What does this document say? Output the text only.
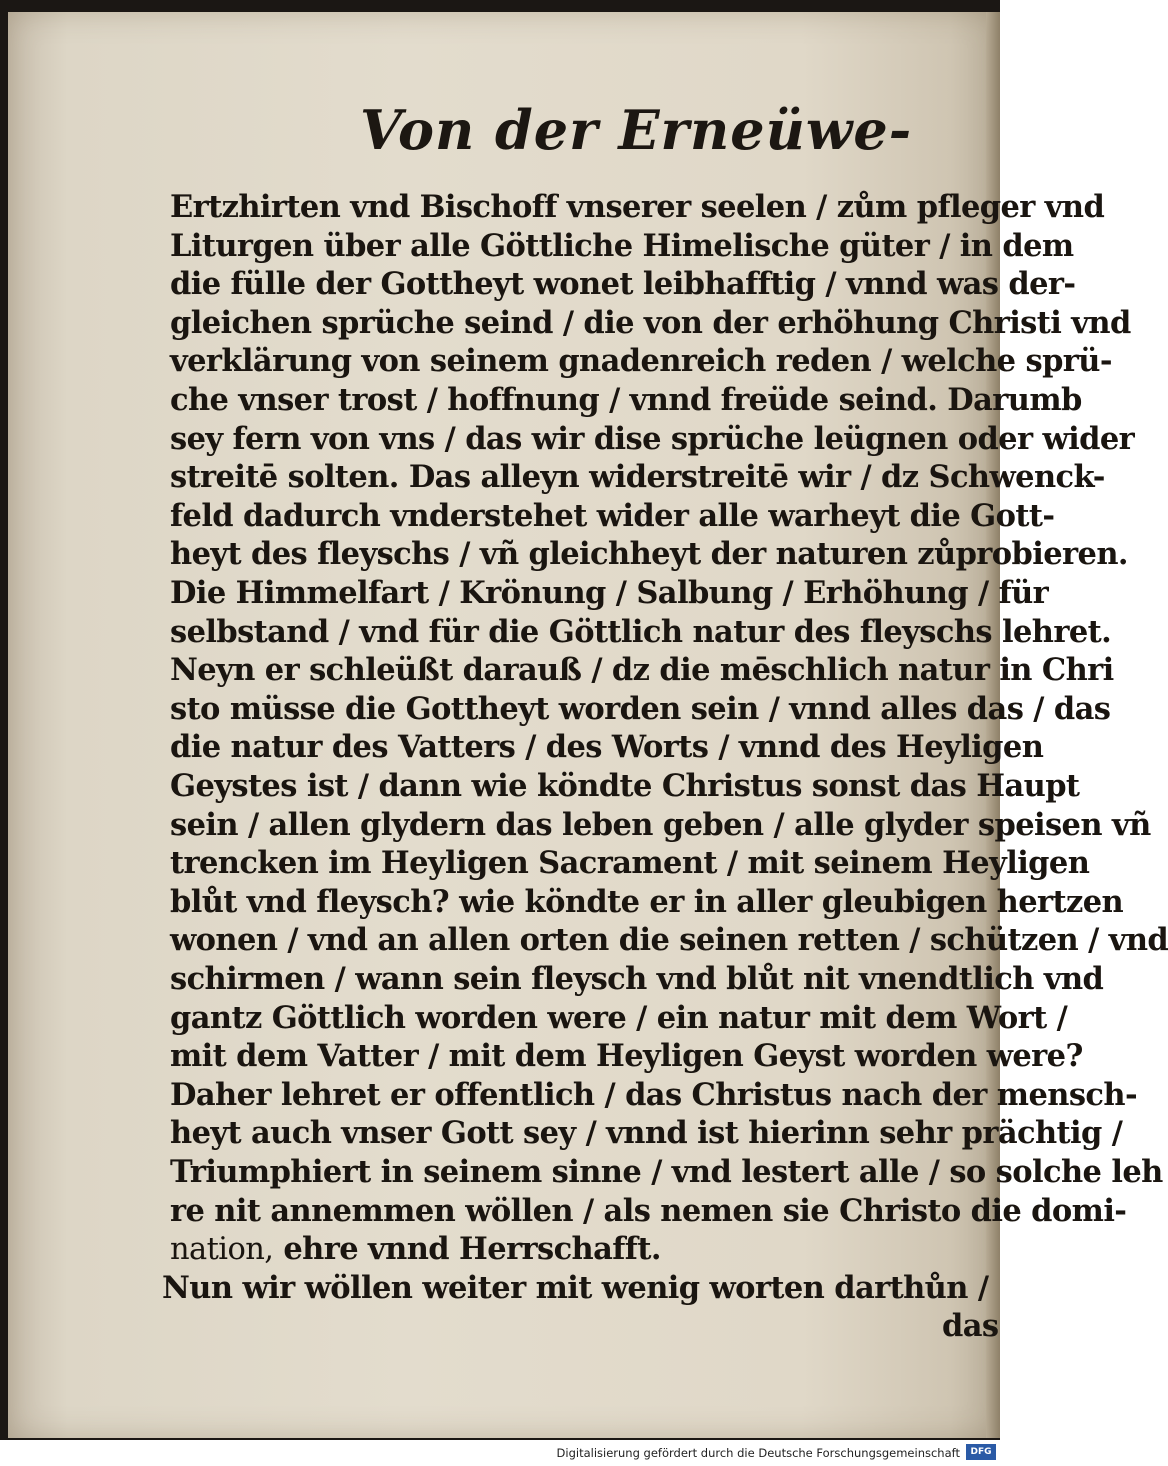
Von der Erneüwe-
Ertzhirten vnd Bischoff vnserer seelen / zům pfleger vnd
Liturgen über alle Göttliche Himelische güter / in dem
die fülle der Gottheyt wonet leibhafftig / vnnd was der-
gleichen sprüche seind / die von der erhöhung Christi vnd
verklärung von seinem gnadenreich reden / welche sprü-
che vnser trost / hoffnung / vnnd freüde seind. Darumb
sey fern von vns / das wir dise sprüche leügnen oder wider
streitē solten. Das alleyn widerstreitē wir / dz Schwenck-
feld dadurch vnderstehet wider alle warheyt die Gott-
heyt des fleyschs / vñ gleichheyt der naturen zůprobieren.
Die Himmelfart / Krönung / Salbung / Erhöhung / für
selbstand / vnd für die Göttlich natur des fleyschs lehret.
Neyn er schleüßt darauß / dz die mēschlich natur in Chri
sto müsse die Gottheyt worden sein / vnnd alles das / das
die natur des Vatters / des Worts / vnnd des Heyligen
Geystes ist / dann wie köndte Christus sonst das Haupt
sein / allen glydern das leben geben / alle glyder speisen vñ
trencken im Heyligen Sacrament / mit seinem Heyligen
blůt vnd fleysch? wie köndte er in aller gleubigen hertzen
wonen / vnd an allen orten die seinen retten / schützen / vnd
schirmen / wann sein fleysch vnd blůt nit vnendtlich vnd
gantz Göttlich worden were / ein natur mit dem Wort /
mit dem Vatter / mit dem Heyligen Geyst worden were?
Daher lehret er offentlich / das Christus nach der mensch-
heyt auch vnser Gott sey / vnnd ist hierinn sehr prächtig /
Triumphiert in seinem sinne / vnd lestert alle / so solche leh
re nit annemmen wöllen / als nemen sie Christo die domi-
nation, ehre vnnd Herrschafft.
Nun wir wöllen weiter mit wenig worten darthůn /
das
Digitalisierung gefördert durch die Deutsche Forschungsgemeinschaft	DFG
